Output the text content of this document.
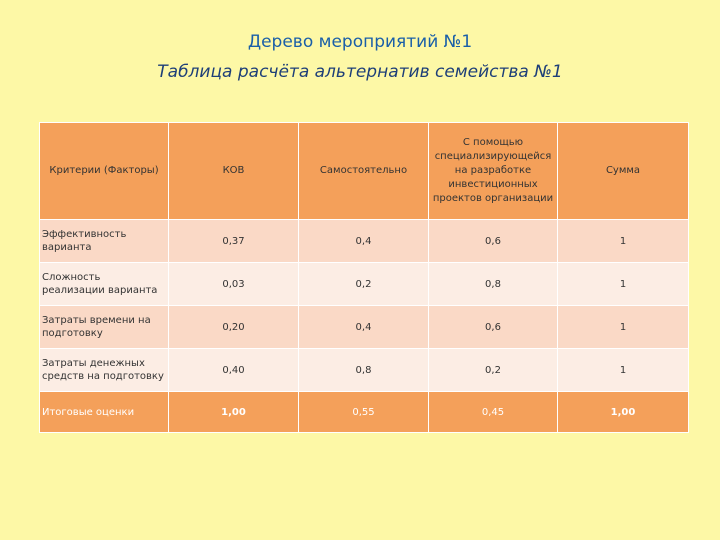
Дерево мероприятий №1
Таблица расчёта альтернатив семейства №1
Критерии (Факторы)	КОВ	Самостоятельно	С помощью специализирующейся на разработке инвестиционных проектов организации	Сумма
Эффективность варианта	0,37	0,4	0,6	1
Сложность реализации варианта	0,03	0,2	0,8	1
Затраты времени на подготовку	0,20	0,4	0,6	1
Затраты денежных средств на подготовку	0,40	0,8	0,2	1
Итоговые оценки	1,00	0,55	0,45	1,00
